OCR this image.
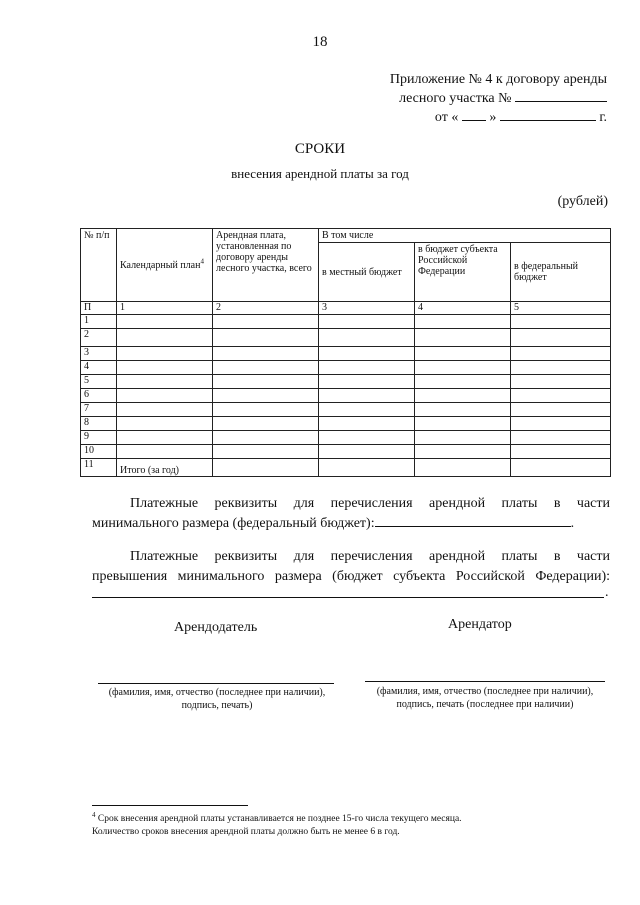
18
Приложение № 4 к договору аренды
лесного участка №
от « »	г.
СРОКИ
внесения арендной платы за год
(рублей)
№ п/п	Календарный план$^4$	Арендная плата, установленная по договору аренды лесного участка, всего	В том числе		
			в местный бюджет	в бюджет субъекта Российской Федерации	в федеральный бюджет
П	1	2	3	4	5
1					
2					
3					
4					
5					
6					
7					
8					
9					
10					
11	Итого (за год)				
Платежные реквизиты для перечисления арендной платы в части
минимального размера (федеральный бюджет):	.
Платежные реквизиты для перечисления арендной платы в части
превышения минимального размера (бюджет субъекта Российской Федерации):
.
Арендодатель	Арендатор
(фамилия, имя, отчество (последнее при наличии),
подпись, печать)
(фамилия, имя, отчество (последнее при наличии),
подпись, печать (последнее при наличии)
$^4$ Срок внесения арендной платы устанавливается не позднее 15-го числа текущего месяца.
Количество сроков внесения арендной платы должно быть не менее 6 в год.
